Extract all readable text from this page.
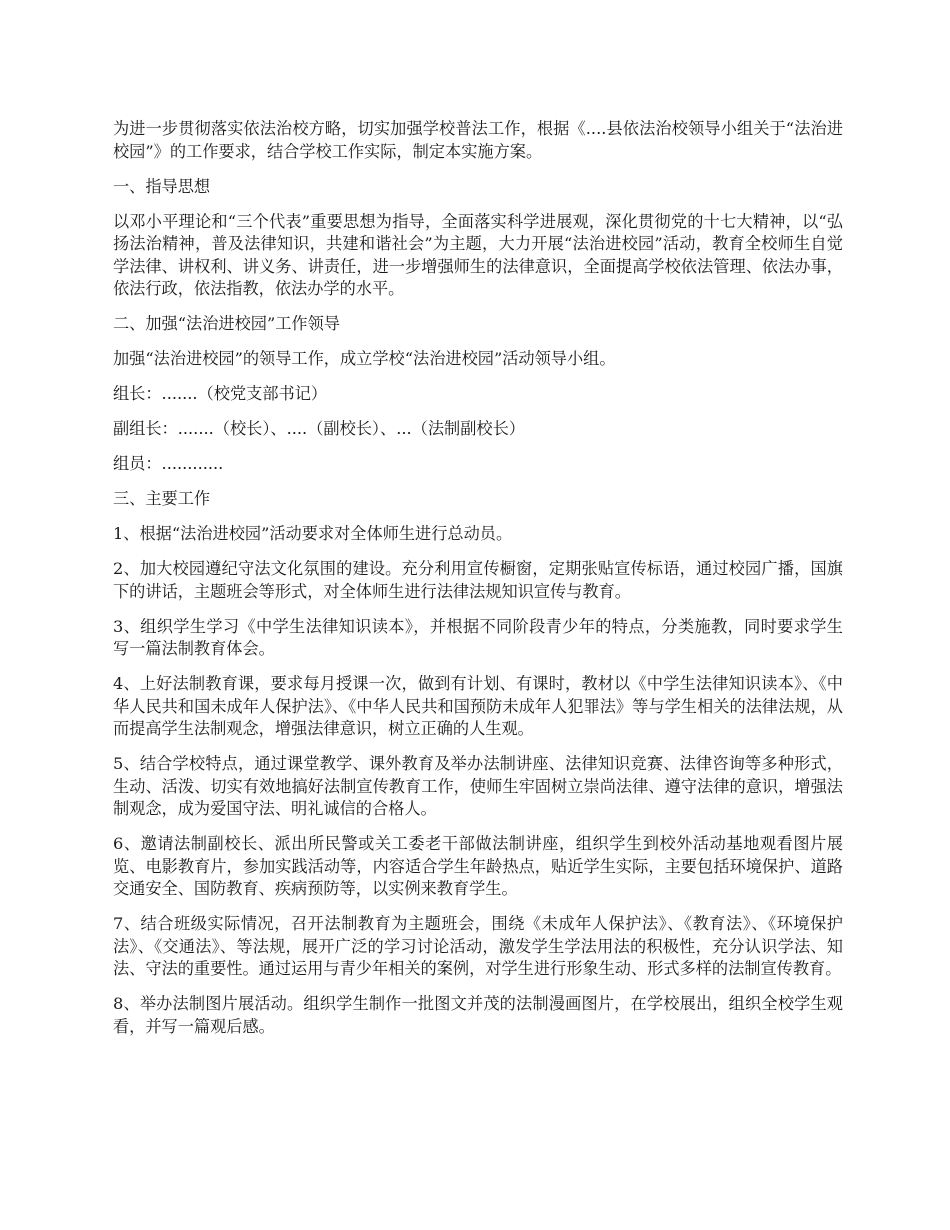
为进一步贯彻落实依法治校方略，切实加强学校普法工作，根据《....县依法治校领导小组关于“法治进校园”》的工作要求，结合学校工作实际，制定本实施方案。

一、指导思想

以邓小平理论和“三个代表”重要思想为指导，全面落实科学进展观，深化贯彻党的十七大精神，以“弘扬法治精神，普及法律知识，共建和谐社会”为主题，大力开展“法治进校园”活动，教育全校师生自觉学法律、讲权利、讲义务、讲责任，进一步增强师生的法律意识，全面提高学校依法管理、依法办事，依法行政，依法指教，依法办学的水平。

二、加强“法治进校园”工作领导

加强“法治进校园”的领导工作，成立学校“法治进校园”活动领导小组。

组长：.......（校党支部书记）

副组长：.......（校长）、....（副校长）、...（法制副校长）

组员：............

三、主要工作

1、根据“法治进校园”活动要求对全体师生进行总动员。

2、加大校园遵纪守法文化氛围的建设。充分利用宣传橱窗，定期张贴宣传标语，通过校园广播，国旗下的讲话，主题班会等形式，对全体师生进行法律法规知识宣传与教育。

3、组织学生学习《中学生法律知识读本》，并根据不同阶段青少年的特点，分类施教，同时要求学生写一篇法制教育体会。

4、上好法制教育课，要求每月授课一次，做到有计划、有课时，教材以《中学生法律知识读本》、《中华人民共和国未成年人保护法》、《中华人民共和国预防未成年人犯罪法》等与学生相关的法律法规，从而提高学生法制观念，增强法律意识，树立正确的人生观。

5、结合学校特点，通过课堂教学、课外教育及举办法制讲座、法律知识竞赛、法律咨询等多种形式，生动、活泼、切实有效地搞好法制宣传教育工作，使师生牢固树立崇尚法律、遵守法律的意识，增强法制观念，成为爱国守法、明礼诚信的合格人。

6、邀请法制副校长、派出所民警或关工委老干部做法制讲座，组织学生到校外活动基地观看图片展览、电影教育片，参加实践活动等，内容适合学生年龄热点，贴近学生实际，主要包括环境保护、道路交通安全、国防教育、疾病预防等，以实例来教育学生。

7、结合班级实际情况，召开法制教育为主题班会，围绕《未成年人保护法》、《教育法》、《环境保护法》、《交通法》、等法规，展开广泛的学习讨论活动，激发学生学法用法的积极性，充分认识学法、知法、守法的重要性。通过运用与青少年相关的案例，对学生进行形象生动、形式多样的法制宣传教育。

8、举办法制图片展活动。组织学生制作一批图文并茂的法制漫画图片，在学校展出，组织全校学生观看，并写一篇观后感。
